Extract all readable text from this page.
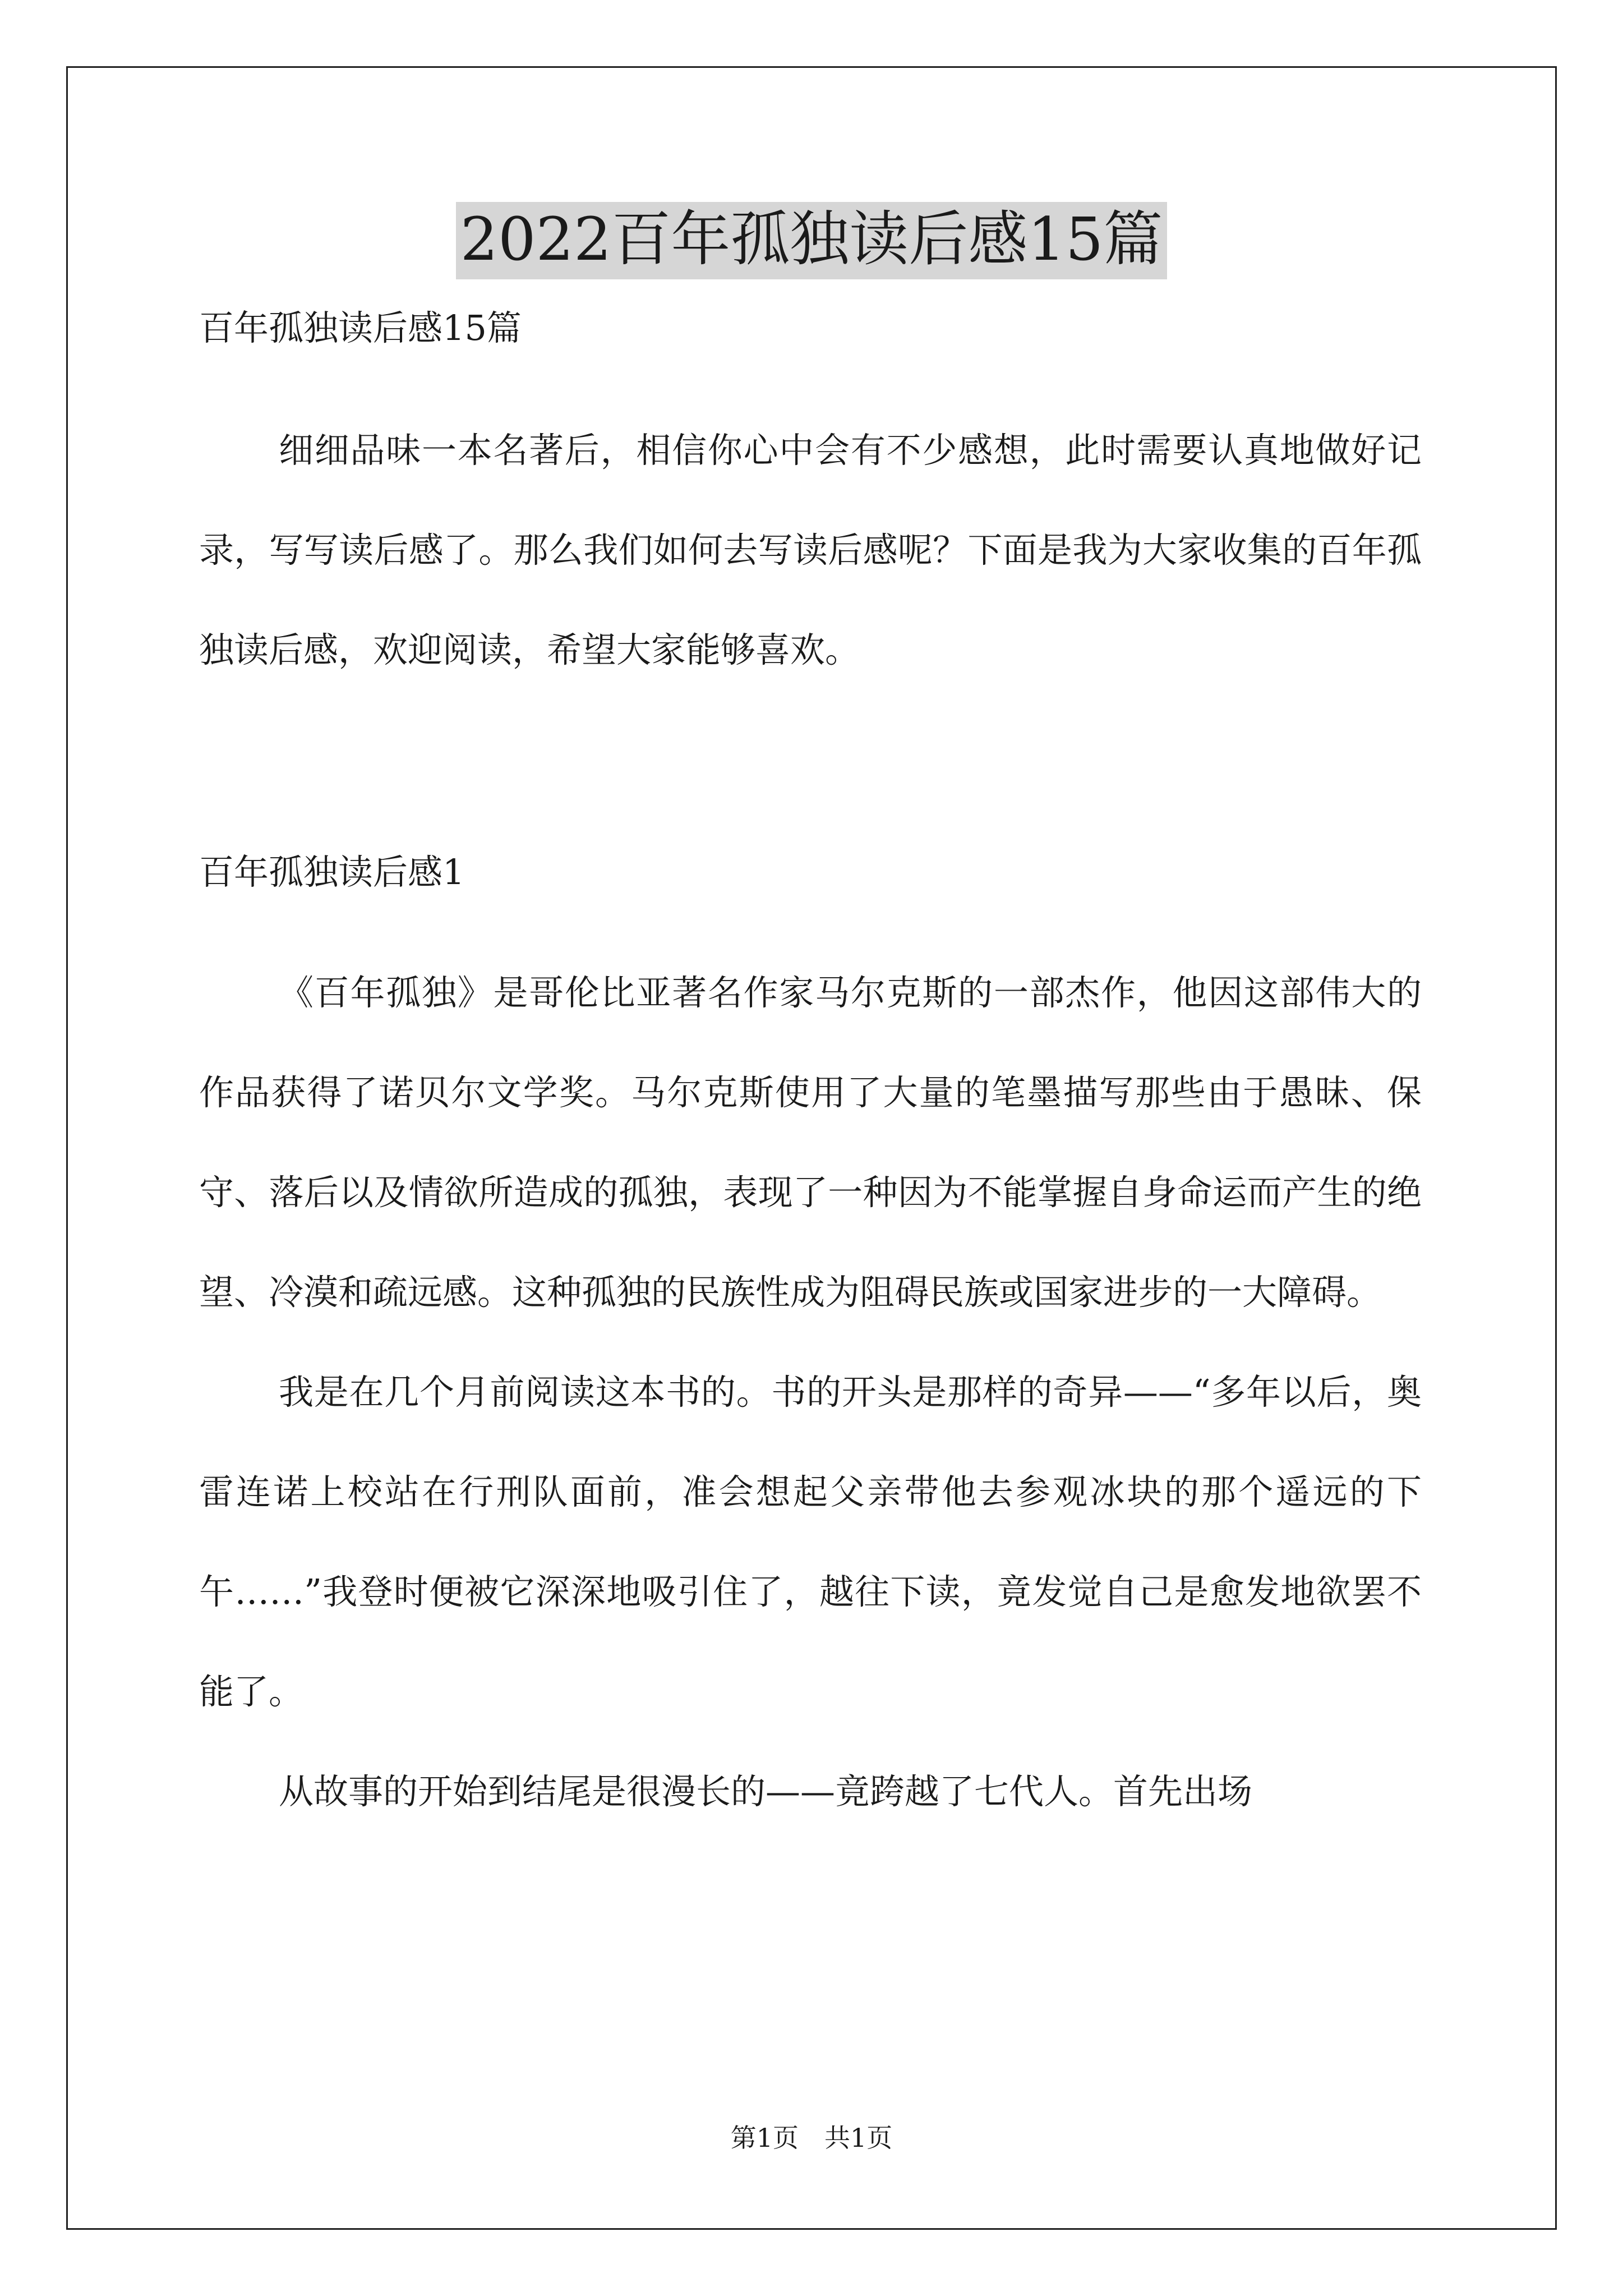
2022百年孤独读后感15篇

百年孤独读后感15篇

细细品味一本名著后，相信你心中会有不少感想，此时需要认真地做好记录，写写读后感了。那么我们如何去写读后感呢？下面是我为大家收集的百年孤独读后感，欢迎阅读，希望大家能够喜欢。

百年孤独读后感1

《百年孤独》是哥伦比亚著名作家马尔克斯的一部杰作，他因这部伟大的作品获得了诺贝尔文学奖。马尔克斯使用了大量的笔墨描写那些由于愚昧、保守、落后以及情欲所造成的孤独，表现了一种因为不能掌握自身命运而产生的绝望、冷漠和疏远感。这种孤独的民族性成为阻碍民族或国家进步的一大障碍。

我是在几个月前阅读这本书的。书的开头是那样的奇异——“多年以后，奥雷连诺上校站在行刑队面前，准会想起父亲带他去参观冰块的那个遥远的下午……”我登时便被它深深地吸引住了，越往下读，竟发觉自己是愈发地欲罢不能了。

从故事的开始到结尾是很漫长的——竟跨越了七代人。首先出场

第1页　共1页
